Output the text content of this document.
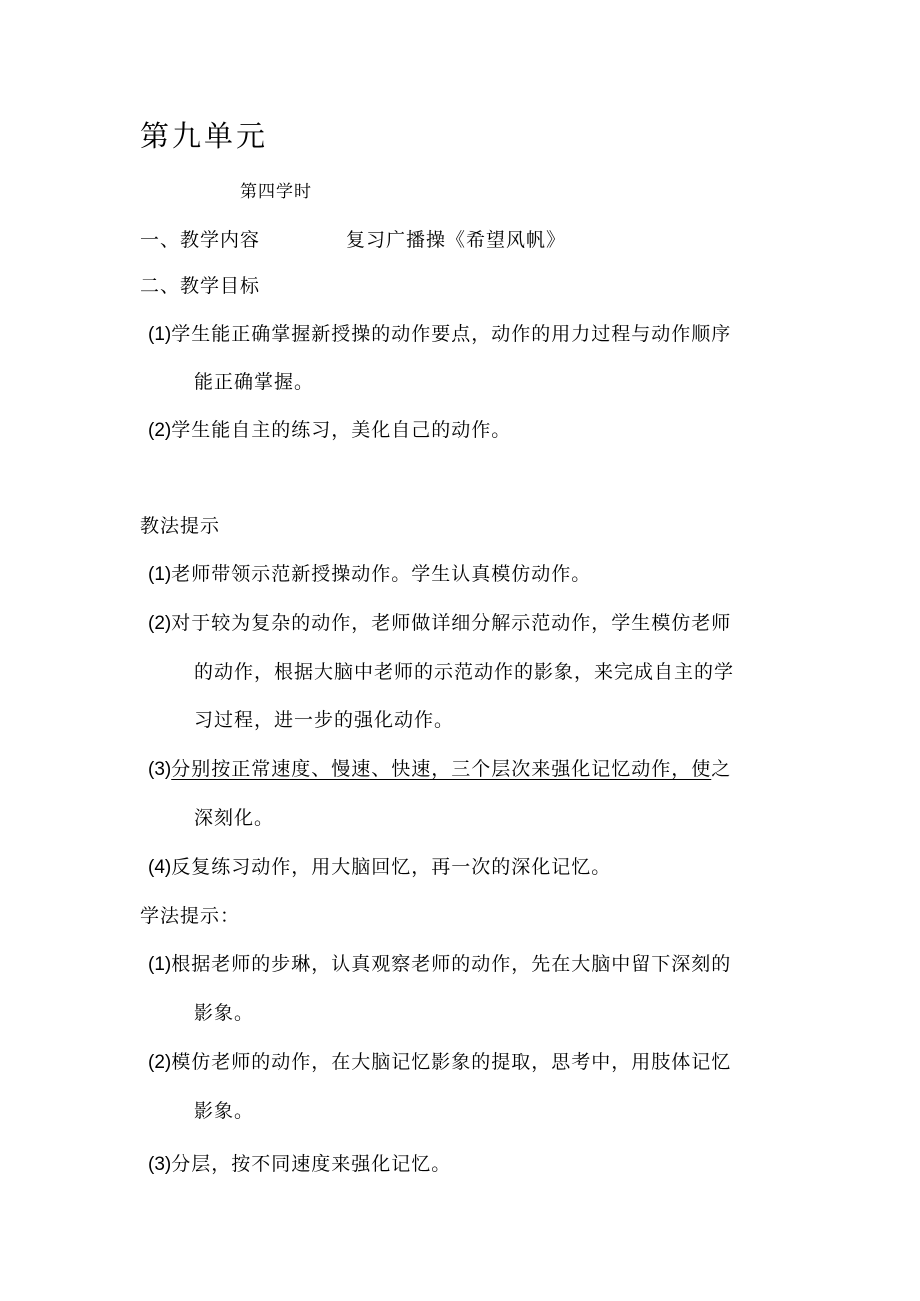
第九单元
第四学时
一、教学内容	复习广播操《希望风帆》
二、教学目标
(1)学生能正确掌握新授操的动作要点，动作的用力过程与动作顺序
能正确掌握。
(2)学生能自主的练习，美化自己的动作。
教法提示
(1)老师带领示范新授操动作。学生认真模仿动作。
(2)对于较为复杂的动作，老师做详细分解示范动作，学生模仿老师
的动作，根据大脑中老师的示范动作的影象，来完成自主的学
习过程，进一步的强化动作。
(3)分别按正常速度、慢速、快速，三个层次来强化记忆动作，使之
深刻化。
(4)反复练习动作，用大脑回忆，再一次的深化记忆。
学法提示：
(1)根据老师的步琳，认真观察老师的动作，先在大脑中留下深刻的
影象。
(2)模仿老师的动作，在大脑记忆影象的提取，思考中，用肢体记忆
影象。
(3)分层，按不同速度来强化记忆。
